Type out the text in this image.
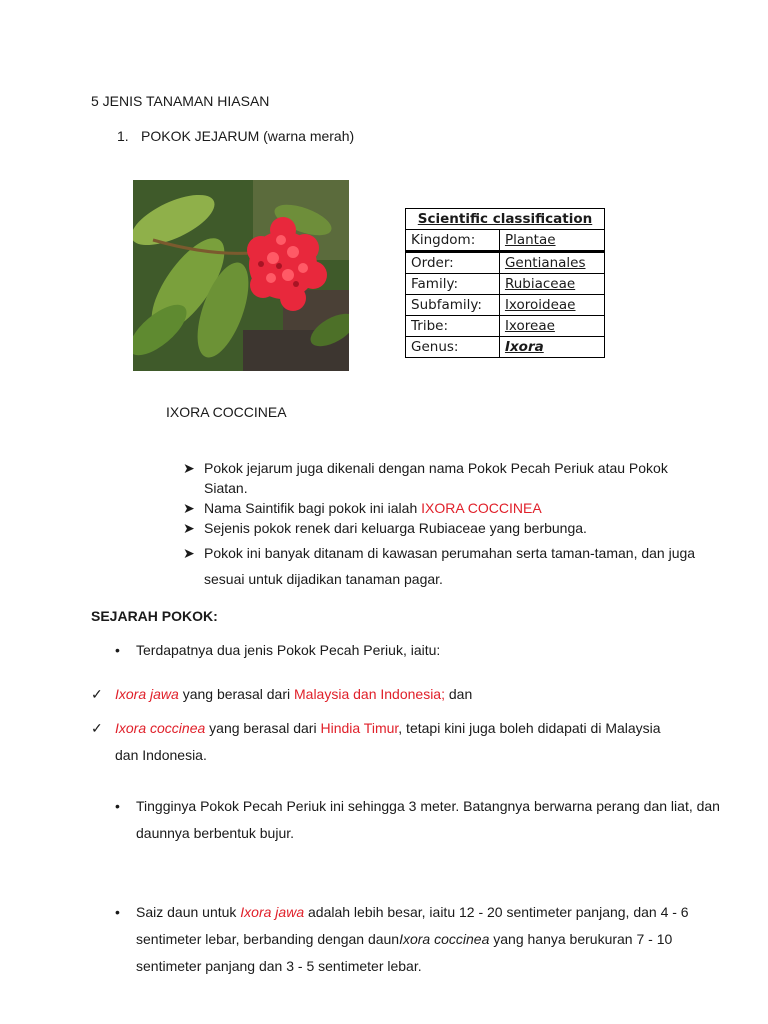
5 JENIS TANAMAN HIASAN
1. POKOK JEJARUM (warna merah)
Scientific classification	
Kingdom:	Plantae
Order:	Gentianales
Family:	Rubiaceae
Subfamily:	Ixoroideae
Tribe:	Ixoreae
Genus:	Ixora
IXORA COCCINEA
➤ Pokok jejarum juga dikenali dengan nama Pokok Pecah Periuk atau Pokok Siatan.
➤ Nama Saintifik bagi pokok ini ialah IXORA COCCINEA
➤ Sejenis pokok renek dari keluarga Rubiaceae yang berbunga.
➤ Pokok ini banyak ditanam di kawasan perumahan serta taman-taman, dan juga sesuai untuk dijadikan tanaman pagar.
SEJARAH POKOK:
• Terdapatnya dua jenis Pokok Pecah Periuk, iaitu:
✓ Ixora jawa yang berasal dari Malaysia dan Indonesia; dan
✓ Ixora coccinea yang berasal dari Hindia Timur, tetapi kini juga boleh didapati di Malaysia
dan Indonesia.
• Tingginya Pokok Pecah Periuk ini sehingga 3 meter. Batangnya berwarna perang dan liat, dan daunnya berbentuk bujur.
• Saiz daun untuk Ixora jawa adalah lebih besar, iaitu 12 - 20 sentimeter panjang, dan 4 - 6 sentimeter lebar, berbanding dengan daunIxora coccinea yang hanya berukuran 7 - 10 sentimeter panjang dan 3 - 5 sentimeter lebar.
